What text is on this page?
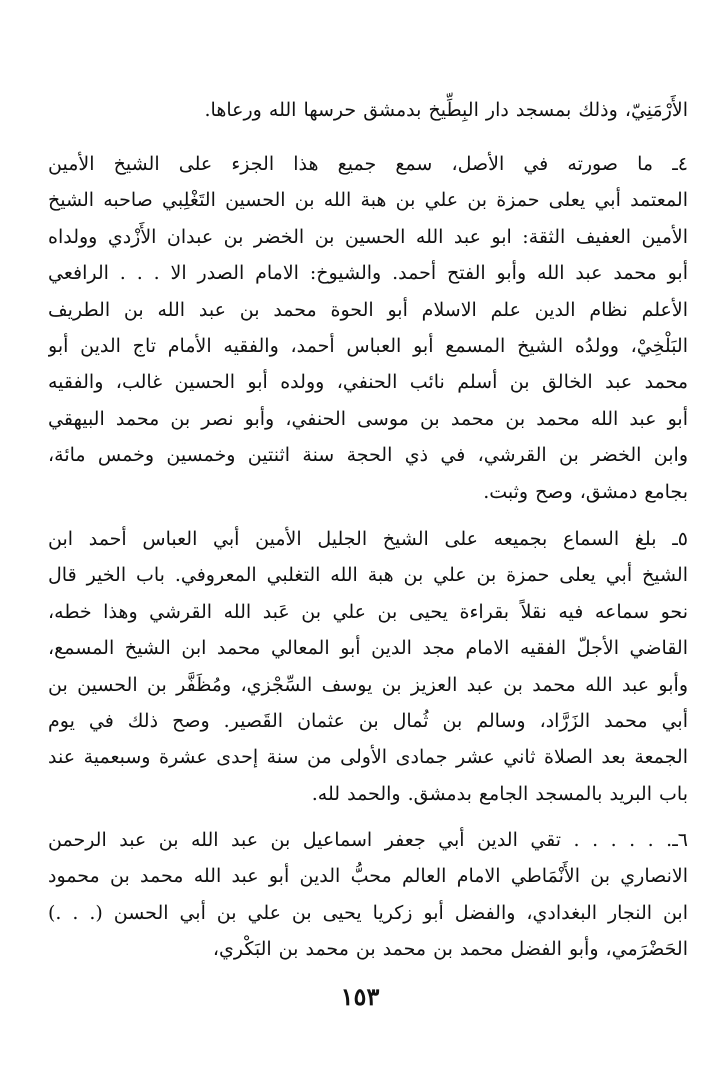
الأَرْمَنِيّ، وذلك بمسجد دار البِطِّيخ بدمشق حرسها الله ورعاها.
٤ـ ما صورته في الأصل، سمع جميع هذا الجزء على الشيخ الأمين
المعتمد أبي يعلى حمزة بن علي بن هبة الله بن الحسين التَغْلِبي صاحبه الشيخ
الأمين العفيف الثقة: ابو عبد الله الحسين بن الخضر بن عبدان الأَزْدي وولداه
أبو محمد عبد الله وأبو الفتح أحمد. والشيوخ: الامام الصدر الا . . . الرافعي
الأعلم نظام الدين علم الاسلام أبو الحوة محمد بن عبد الله بن الطريف
البَلْخِيْ، وولدُه الشيخ المسمع أبو العباس أحمد، والفقيه الأمام تاج الدين أبو
محمد عبد الخالق بن أسلم نائب الحنفي، وولده أبو الحسين غالب، والفقيه
أبو عبد الله محمد بن محمد بن موسى الحنفي، وأبو نصر بن محمد البيهقي
وابن الخضر بن القرشي، في ذي الحجة سنة اثنتين وخمسين وخمس مائة،
بجامع دمشق، وصح وثبت.
٥ـ بلغ السماع بجميعه على الشيخ الجليل الأمين أبي العباس أحمد ابن
الشيخ أبي يعلى حمزة بن علي بن هبة الله التغلبي المعروفي. باب الخير قال
نحو سماعه فيه نقلاً بقراءة يحيى بن علي بن عَبد الله القرشي وهذا خطه،
القاضي الأجلّ الفقيه الامام مجد الدين أبو المعالي محمد ابن الشيخ المسمع،
وأبو عبد الله محمد بن عبد العزيز بن يوسف السِّجْزي، ومُظَفَّر بن الحسين بن
أبي محمد الزَرَّاد، وسالم بن ثُمال بن عثمان القَصير. وصح ذلك في يوم
الجمعة بعد الصلاة ثاني عشر جمادى الأولى من سنة إحدى عشرة وسبعمية عند
باب البريد بالمسجد الجامع بدمشق. والحمد لله.
٦ـ. . . . . . تقي الدين أبي جعفر اسماعيل بن عبد الله بن عبد الرحمن
الانصاري بن الأَنْمَاطي الامام العالم محبُّ الدين أبو عبد الله محمد بن محمود
ابن النجار البغدادي، والفضل أبو زكريا يحيى بن علي بن أبي الحسن (. . .)
الحَضْرَمي، وأبو الفضل محمد بن محمد بن محمد بن البَكْري،
١٥٣
